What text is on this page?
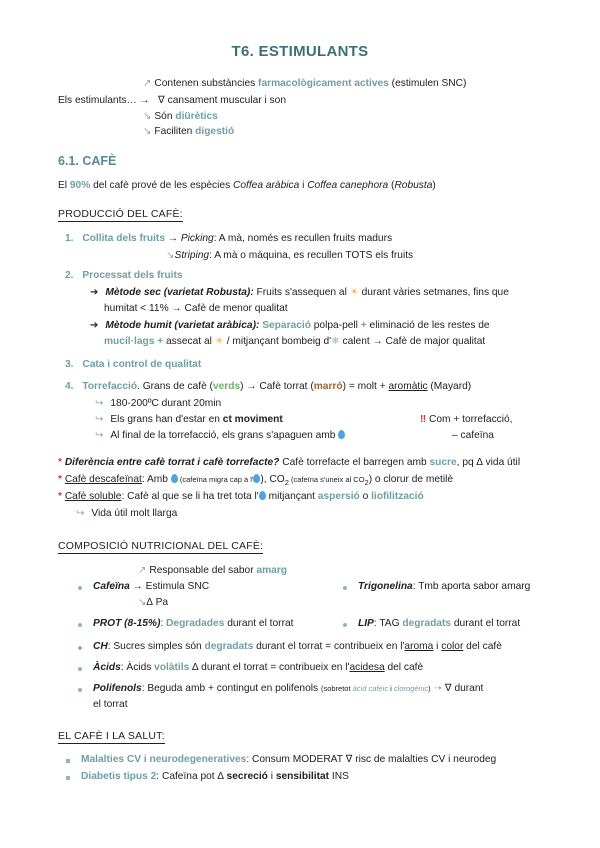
T6. ESTIMULANTS
↗ Contenen substàncies farmacològicament actives (estimulen SNC)
Els estimulants… → ∇ cansament muscular i son
↘ Són diürètics
↘ Faciliten digestió
6.1. CAFÈ
El 90% del cafè prové de les espècies Coffea aràbica i Coffea canephora (Robusta)
PRODUCCIÓ DEL CAFÈ:
1. Collita dels fruits → Picking: A mà, només es recullen fruits madurs
↘Striping: A mà o màquina, es recullen TOTS els fruits
2. Processat dels fruits
➔ Mètode sec (varietat Robusta): Fruits s'assequen al ☀ durant vàries setmanes, fins que
humitat < 11% → Cafè de menor qualitat
➔ Mètode humit (varietat aràbica): Separació polpa-pell + eliminació de les restes de
mucíl·lags + assecat al ☀ / mitjançant bombeig d'❄ calent → Cafè de major qualitat
3. Cata i control de qualitat
4. Torrefacció. Grans de cafè (verds) → Cafè torrat (marró) = molt + aromàtic (Mayard)
↪ 180-200ºC durant 20min
↪ Els grans han d'estar en ct moviment
↪ Al final de la torrefacció, els grans s'apaguen amb
‼ Com + torrefacció,
– cafeïna
* Diferència entre cafè torrat i cafè torrefacte? Cafè torrefacte el barregen amb sucre, pq ∆ vida útil
* Cafè descafeïnat: Amb  (cafeïna migra cap a l' ), $CO_2$ (cafeïna s'uneix al $CO_2$) o clorur de metilè
* Cafè soluble: Cafè al que se li ha tret tota l' mitjançant aspersió o liofilització
↪ Vida útil molt llarga
COMPOSICIÓ NUTRICIONAL DEL CAFÈ:
↗ Responsable del sabor amarg
Cafeïna → Estimula SNC
↘∆ Pa
Trigonelina: Tmb aporta sabor amarg
PROT (8-15%): Degradades durant el torrat	LIP: TAG degradats durant el torrat
CH: Sucres simples són degradats durant el torrat = contribueix en l'aroma i color del cafè
Àcids: Àcids volàtils ∆ durant el torrat = contribueix en l'acidesa del cafè
Polifenols: Beguda amb + contingut en polifenols (sobretot àcid cafeic i clorogènic) ➝ ∇ durant
el torrat
EL CAFÈ I LA SALUT:
Malalties CV i neurodegeneratives: Consum MODERAT ∇ risc de malalties CV i neurodeg
Diabetis tipus 2: Cafeïna pot ∆ secreció i sensibilitat INS
